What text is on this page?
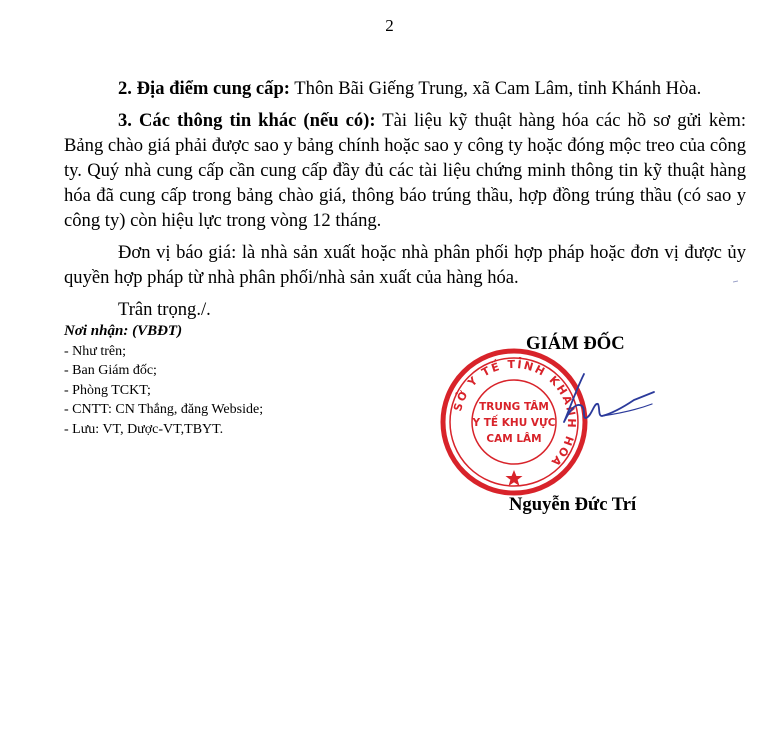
2

2. Địa điểm cung cấp: Thôn Bãi Giếng Trung, xã Cam Lâm, tỉnh Khánh Hòa.

3. Các thông tin khác (nếu có): Tài liệu kỹ thuật hàng hóa các hồ sơ gửi kèm: Bảng chào giá phải được sao y bảng chính hoặc sao y công ty hoặc đóng mộc treo của công ty. Quý nhà cung cấp cần cung cấp đầy đủ các tài liệu chứng minh thông tin kỹ thuật hàng hóa đã cung cấp trong bảng chào giá, thông báo trúng thầu, hợp đồng trúng thầu (có sao y công ty) còn hiệu lực trong vòng 12 tháng.

Đơn vị báo giá: là nhà sản xuất hoặc nhà phân phối hợp pháp hoặc đơn vị được ủy quyền hợp pháp từ nhà phân phối/nhà sản xuất của hàng hóa.

Trân trọng./.

Nơi nhận: (VBĐT)
- Như trên;
- Ban Giám đốc;
- Phòng TCKT;
- CNTT: CN Thắng, đăng Webside;
- Lưu: VT, Dược-VT,TBYT.
GIÁM ĐỐC
SỞ Y TẾ TỈNH KHÁNH HÒA
TRUNG TÂM
Y TẾ KHU VỰC
CAM LÂM
Nguyễn Đức Trí
